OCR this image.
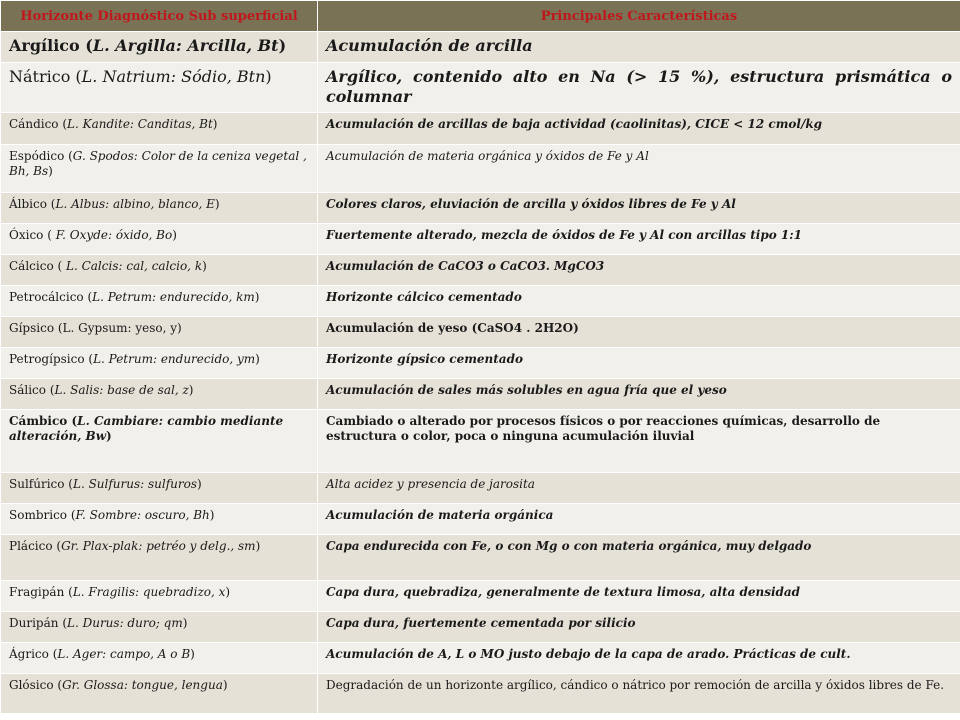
Horizonte Diagnóstico Sub superficial	Principales Características
Argílico (L. Argilla: Arcilla, Bt)	Acumulación de arcilla
Nátrico (L. Natrium: Sódio, Btn)	Argílico, contenido alto en Na (> 15 %), estructura prismática o columnar
Cándico (L. Kandite: Canditas, Bt)	Acumulación de arcillas de baja actividad (caolinitas), CICE < 12 cmol/kg
Espódico (G. Spodos: Color de la ceniza vegetal , Bh, Bs)	Acumulación de materia orgánica y óxidos de Fe y Al
Álbico (L. Albus: albino, blanco, E)	Colores claros, eluviación de arcilla y óxidos libres de Fe y Al
Óxico ( F. Oxyde: óxido, Bo)	Fuertemente alterado, mezcla de óxidos de Fe y Al con arcillas tipo 1:1
Cálcico ( L. Calcis: cal, calcio, k)	Acumulación de CaCO3 o CaCO3. MgCO3
Petrocálcico (L. Petrum: endurecido, km)	Horizonte cálcico cementado
Gípsico (L. Gypsum: yeso, y)	Acumulación de yeso (CaSO4 . 2H2O)
Petrogípsico (L. Petrum: endurecido, ym)	Horizonte gípsico cementado
Sálico (L. Salis: base de sal, z)	Acumulación de sales más solubles en agua fría que el yeso
Cámbico (L. Cambiare: cambio mediante alteración, Bw)	Cambiado o alterado por procesos físicos o por reacciones químicas, desarrollo de estructura o color, poca o ninguna acumulación iluvial
Sulfúrico (L. Sulfurus: sulfuros)	Alta acidez y presencia de jarosita
Sombrico (F. Sombre: oscuro, Bh)	Acumulación de materia orgánica
Plácico (Gr. Plax-plak: petréo y delg., sm)	Capa endurecida con Fe, o con Mg o con materia orgánica, muy delgado
Fragipán (L. Fragilis: quebradizo, x)	Capa dura, quebradiza, generalmente de textura limosa, alta densidad
Duripán (L. Durus: duro; qm)	Capa dura, fuertemente cementada por silicio
Ágrico (L. Ager: campo, A o B)	Acumulación de A, L o MO justo debajo de la capa de arado. Prácticas de cult.
Glósico (Gr. Glossa: tongue, lengua)	Degradación de un horizonte argílico, cándico o nátrico por remoción de arcilla y óxidos libres de Fe.
